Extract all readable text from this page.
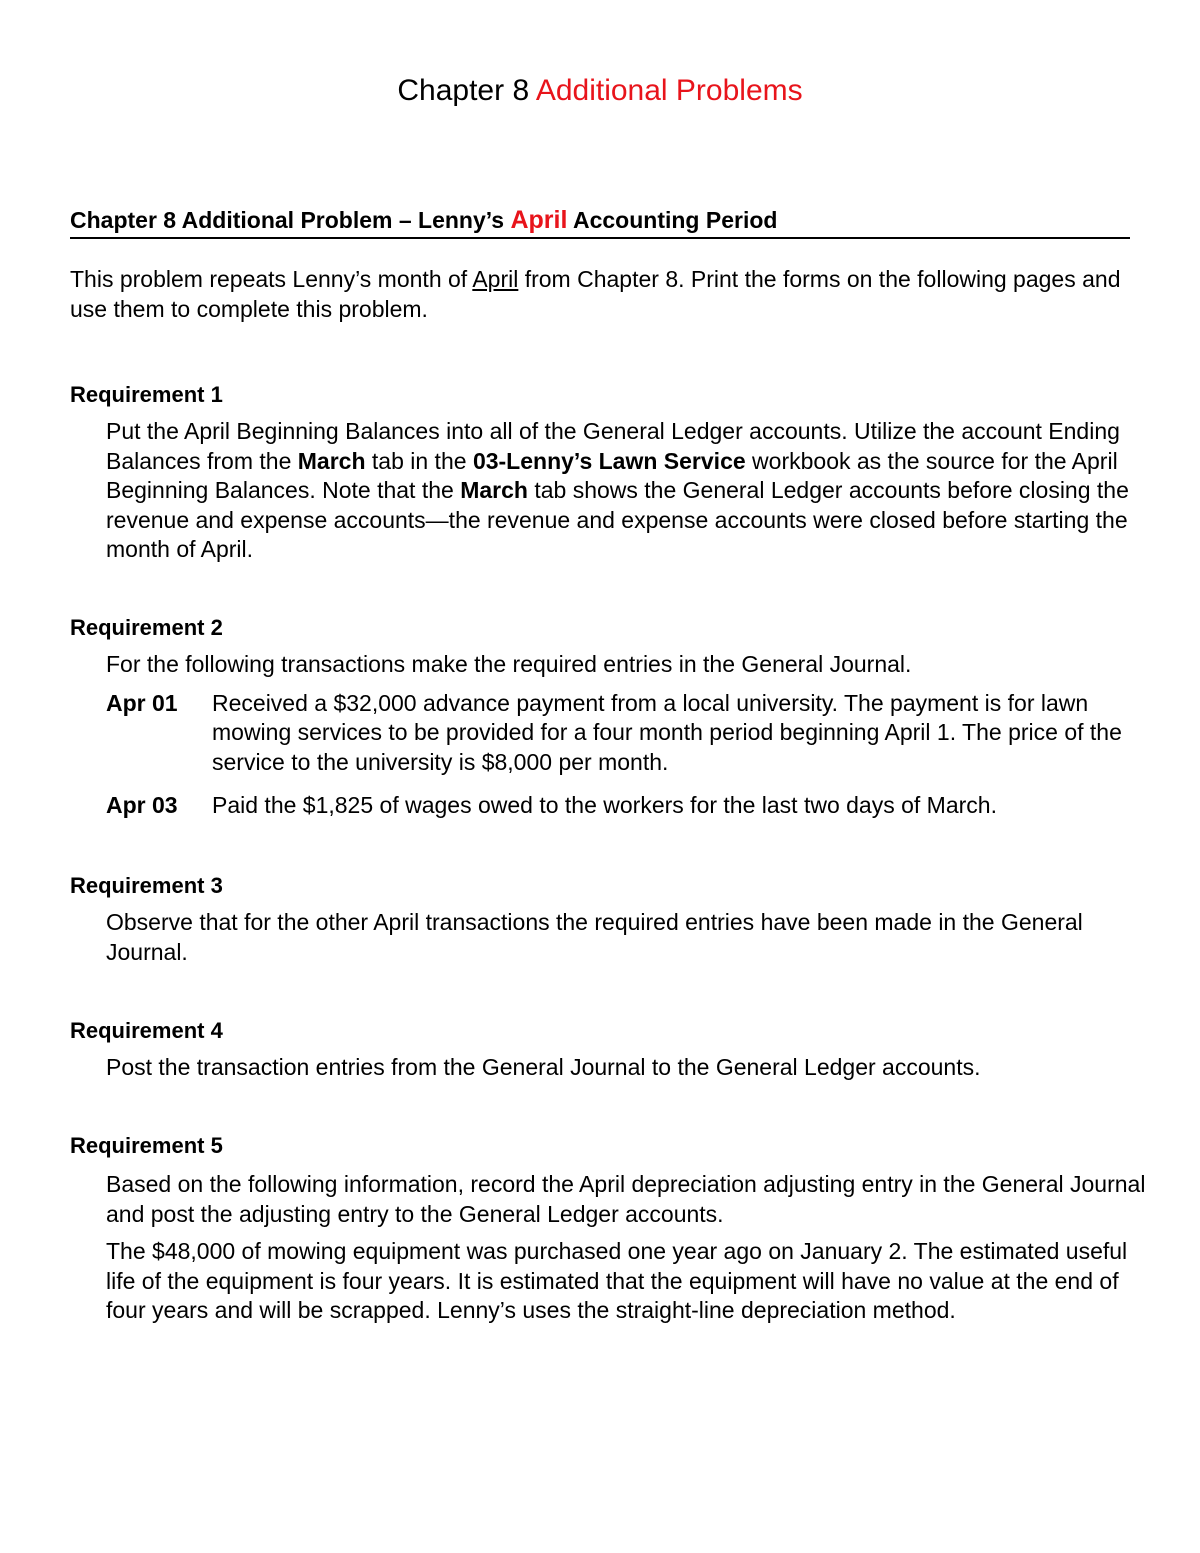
Chapter 8 Additional Problems
Chapter 8 Additional Problem – Lenny’s April Accounting Period
This problem repeats Lenny’s month of April from Chapter 8. Print the forms on the following pages and use them to complete this problem.
Requirement 1
Put the April Beginning Balances into all of the General Ledger accounts. Utilize the account Ending Balances from the March tab in the 03-Lenny’s Lawn Service workbook as the source for the April Beginning Balances. Note that the March tab shows the General Ledger accounts before closing the revenue and expense accounts—the revenue and expense accounts were closed before starting the month of April.
Requirement 2
For the following transactions make the required entries in the General Journal.
Apr 01	Received a $32,000 advance payment from a local university. The payment is for lawn mowing services to be provided for a four month period beginning April 1. The price of the service to the university is $8,000 per month.
Apr 03	Paid the $1,825 of wages owed to the workers for the last two days of March.
Requirement 3
Observe that for the other April transactions the required entries have been made in the General Journal.
Requirement 4
Post the transaction entries from the General Journal to the General Ledger accounts.
Requirement 5
Based on the following information, record the April depreciation adjusting entry in the General Journal and post the adjusting entry to the General Ledger accounts.
The $48,000 of mowing equipment was purchased one year ago on January 2. The estimated useful life of the equipment is four years. It is estimated that the equipment will have no value at the end of four years and will be scrapped. Lenny’s uses the straight-line depreciation method.
